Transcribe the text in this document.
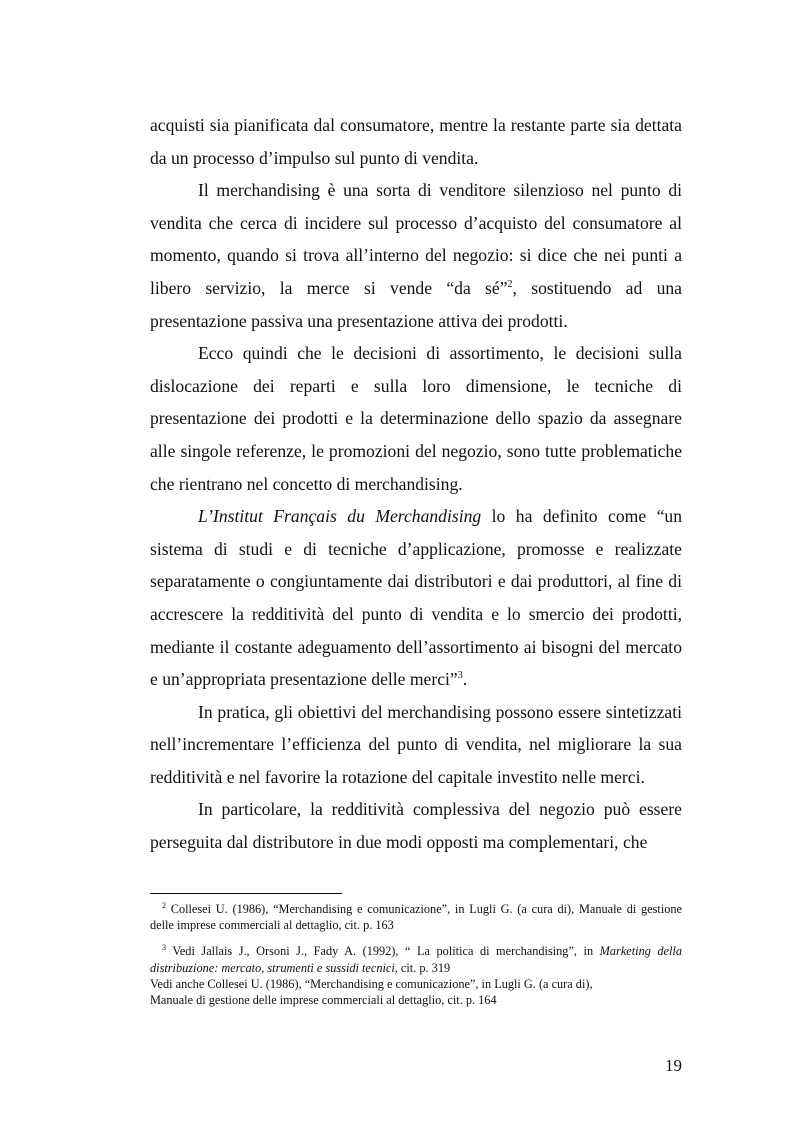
acquisti sia pianificata dal consumatore, mentre la restante parte sia dettata da un processo d’impulso sul punto di vendita.

Il merchandising è una sorta di venditore silenzioso nel punto di vendita che cerca di incidere sul processo d’acquisto del consumatore al momento, quando si trova all’interno del negozio: si dice che nei punti a libero servizio, la merce si vende “da sé”$^2$, sostituendo ad una presentazione passiva una presentazione attiva dei prodotti.

Ecco quindi che le decisioni di assortimento, le decisioni sulla dislocazione dei reparti e sulla loro dimensione, le tecniche di presentazione dei prodotti e la determinazione dello spazio da assegnare alle singole referenze, le promozioni del negozio, sono tutte problematiche che rientrano nel concetto di merchandising.

L’Institut Français du Merchandising lo ha definito come “un sistema di studi e di tecniche d’applicazione, promosse e realizzate separatamente o congiuntamente dai distributori e dai produttori, al fine di accrescere la redditività del punto di vendita e lo smercio dei prodotti, mediante il costante adeguamento dell’assortimento ai bisogni del mercato e un’appropriata presentazione delle merci”$^3$.

In pratica, gli obiettivi del merchandising possono essere sintetizzati nell’incrementare l’efficienza del punto di vendita, nel migliorare la sua redditività e nel favorire la rotazione del capitale investito nelle merci.

In particolare, la redditività complessiva del negozio può essere perseguita dal distributore in due modi opposti ma complementari, che

$^2$ Collesei U. (1986), “Merchandising e comunicazione”, in Lugli G. (a cura di), Manuale di gestione delle imprese commerciali al dettaglio, cit. p. 163

$^3$ Vedi Jallais J., Orsoni J., Fady A. (1992), “ La politica di merchandising”, in Marketing della distribuzione: mercato, strumenti e sussidi tecnici, cit. p. 319

Vedi anche Collesei U. (1986), “Merchandising e comunicazione”, in Lugli G. (a cura di),

Manuale di gestione delle imprese commerciali al dettaglio, cit. p. 164

19
